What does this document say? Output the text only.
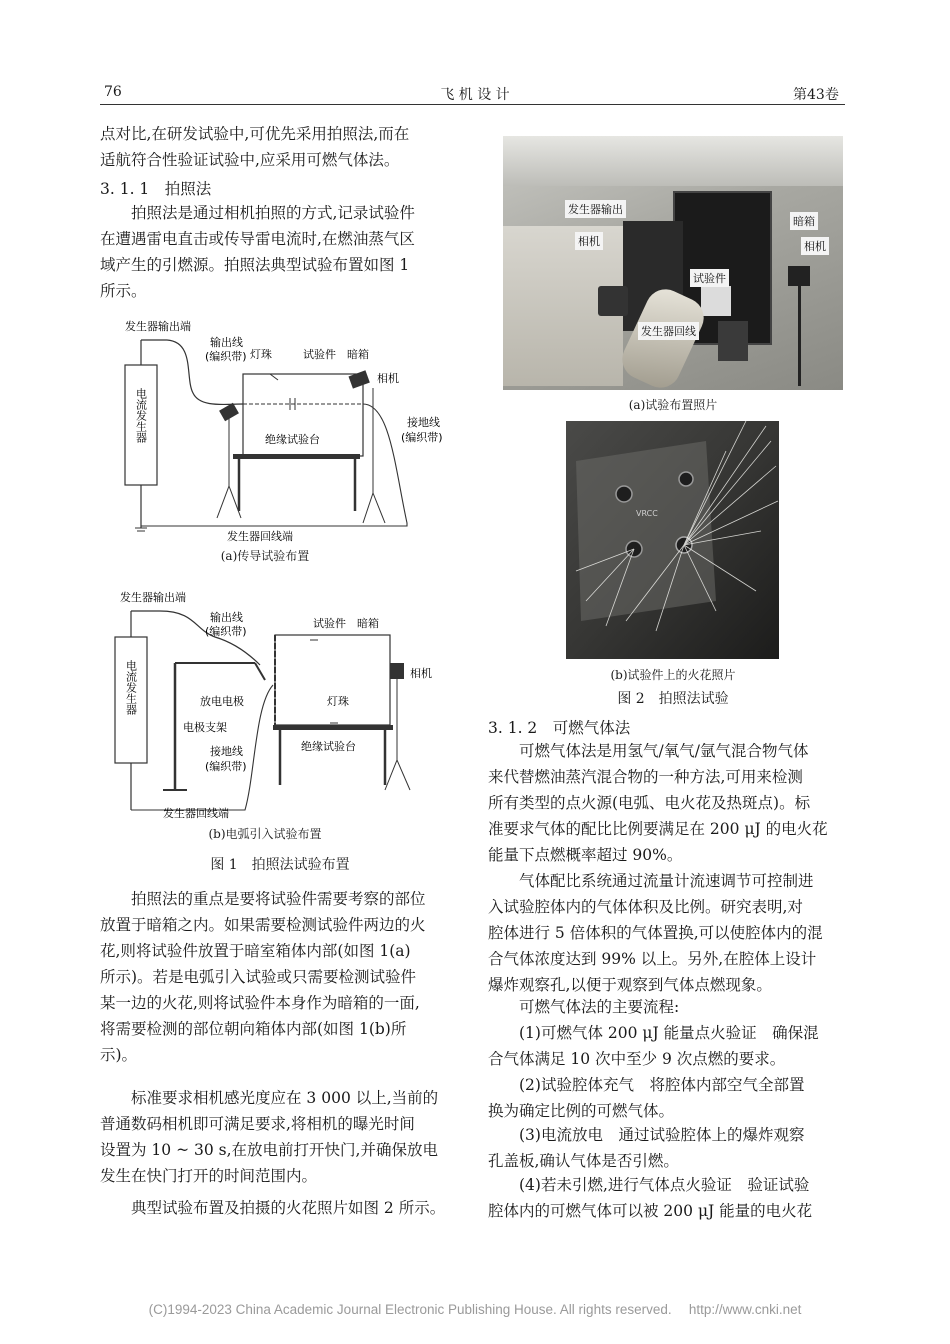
76	飞 机 设 计	第43卷

点对比,在研发试验中,可优先采用拍照法,而在

适航符合性验证试验中,应采用可燃气体法。

3. 1. 1　拍照法

拍照法是通过相机拍照的方式,记录试验件

在遭遇雷电直击或传导雷电流时,在燃油蒸气区

域产生的引燃源。拍照法典型试验布置如图 1

所示。

发生器输出端
输出线
(编织带) 灯珠	试验件 暗箱
相机
接地线
(编织带)
绝缘试验台
发生器回线端
电流发生器
(a)传导试验布置
发生器输出端
输出线
(编织带)
试验件 暗箱
相机
放电电极	灯珠
电极支架
绝缘试验台
接地线
(编织带)
发生器回线端
电流发生器
(b)电弧引入试验布置
图 1　拍照法试验布置

拍照法的重点是要将试验件需要考察的部位

放置于暗箱之内。如果需要检测试验件两边的火

花,则将试验件放置于暗室箱体内部(如图 1(a)

所示)。若是电弧引入试验或只需要检测试验件

某一边的火花,则将试验件本身作为暗箱的一面,

将需要检测的部位朝向箱体内部(如图 1(b)所

示)。

标准要求相机感光度应在 3 000 以上,当前的

普通数码相机即可满足要求,将相机的曝光时间

设置为 10 ~ 30 s,在放电前打开快门,并确保放电

发生在快门打开的时间范围内。

典型试验布置及拍摄的火花照片如图 2 所示。

发生器输出
相机
暗箱
相机
试验件
发生器回线
(a)试验布置照片
VRCC
(b)试验件上的火花照片
图 2　拍照法试验
3. 1. 2　可燃气体法

可燃气体法是用氢气/氧气/氩气混合物气体

来代替燃油蒸汽混合物的一种方法,可用来检测

所有类型的点火源(电弧、电火花及热斑点)。标

准要求气体的配比比例要满足在 200 μJ 的电火花

能量下点燃概率超过 90%。

气体配比系统通过流量计流速调节可控制进

入试验腔体内的气体体积及比例。研究表明,对

腔体进行 5 倍体积的气体置换,可以使腔体内的混

合气体浓度达到 99% 以上。另外,在腔体上设计

爆炸观察孔,以便于观察到气体点燃现象。

可燃气体法的主要流程:

(1)可燃气体 200 μJ 能量点火验证　确保混

合气体满足 10 次中至少 9 次点燃的要求。

(2)试验腔体充气　将腔体内部空气全部置

换为确定比例的可燃气体。

(3)电流放电　通过试验腔体上的爆炸观察

孔盖板,确认气体是否引燃。

(4)若未引燃,进行气体点火验证　验证试验

腔体内的可燃气体可以被 200 μJ 能量的电火花

(C)1994-2023 China Academic Journal Electronic Publishing House. All rights reserved.　 http://www.cnki.net
